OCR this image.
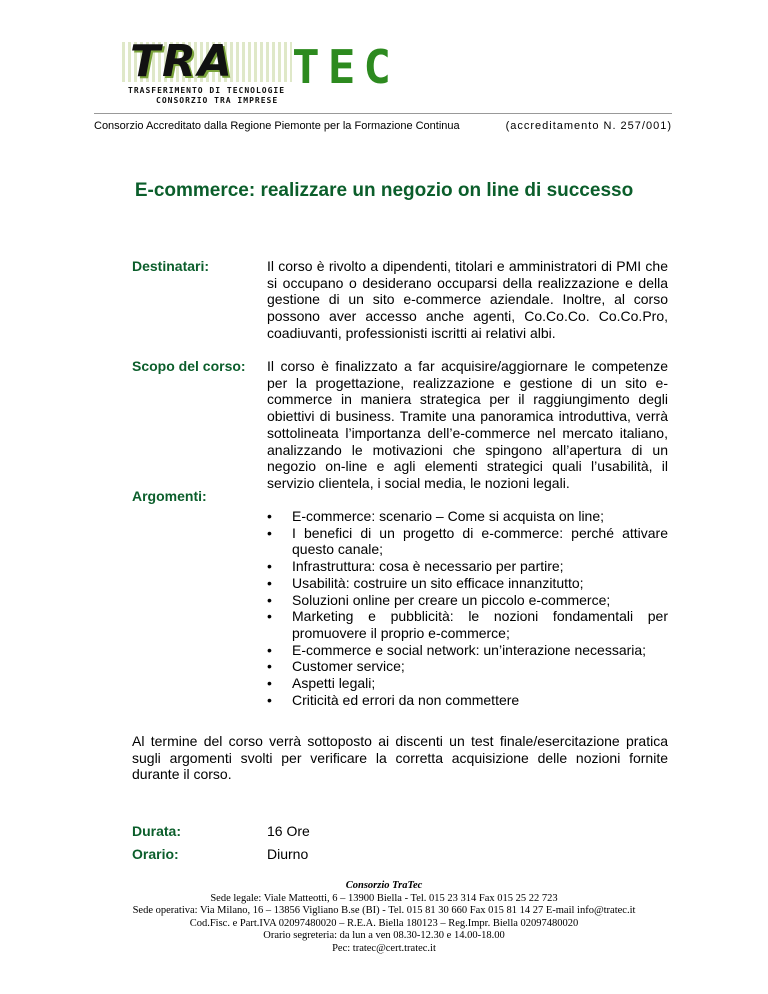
TRA	TEC
TRASFERIMENTO DI TECNOLOGIE
CONSORZIO TRA IMPRESE
Consorzio Accreditato dalla Regione Piemonte per la Formazione Continua	(accreditamento N. 257/001)
E-commerce: realizzare un negozio on line di successo
Destinatari:	Il corso è rivolto a dipendenti, titolari e amministratori di PMI che si occupano o desiderano occuparsi della realizzazione e della gestione di un sito e-commerce aziendale. Inoltre, al corso possono aver accesso anche agenti, Co.Co.Co. Co.Co.Pro, coadiuvanti, professionisti iscritti ai relativi albi.
Scopo del corso: Il corso è finalizzato a far acquisire/aggiornare le competenze per la progettazione, realizzazione e gestione di un sito e-commerce in maniera strategica per il raggiungimento degli obiettivi di business. Tramite una panoramica introduttiva, verrà sottolineata l’importanza dell’e-commerce nel mercato italiano, analizzando le motivazioni che spingono all’apertura di un negozio on-line e agli elementi strategici quali l’usabilità, il servizio clientela, i social media, le nozioni legali.
Argomenti:
• E-commerce: scenario – Come si acquista on line;
• I benefici di un progetto di e-commerce: perché attivare questo canale;
• Infrastruttura: cosa è necessario per partire;
• Usabilità: costruire un sito efficace innanzitutto;
• Soluzioni online per creare un piccolo e-commerce;
• Marketing e pubblicità: le nozioni fondamentali per promuovere il proprio e-commerce;
• E-commerce e social network: un’interazione necessaria;
• Customer service;
• Aspetti legali;
• Criticità ed errori da non commettere
Al termine del corso verrà sottoposto ai discenti un test finale/esercitazione pratica sugli argomenti svolti per verificare la corretta acquisizione delle nozioni fornite durante il corso.
Durata:	16 Ore
Orario:	Diurno
Consorzio TraTec
Sede legale: Viale Matteotti, 6 – 13900 Biella - Tel. 015 23 314 Fax 015 25 22 723
Sede operativa: Via Milano, 16 – 13856 Vigliano B.se (BI) - Tel. 015 81 30 660 Fax 015 81 14 27 E-mail info@tratec.it
Cod.Fisc. e Part.IVA 02097480020 – R.E.A. Biella 180123 – Reg.Impr. Biella 02097480020
Orario segreteria: da lun a ven 08.30-12.30 e 14.00-18.00
Pec: tratec@cert.tratec.it
